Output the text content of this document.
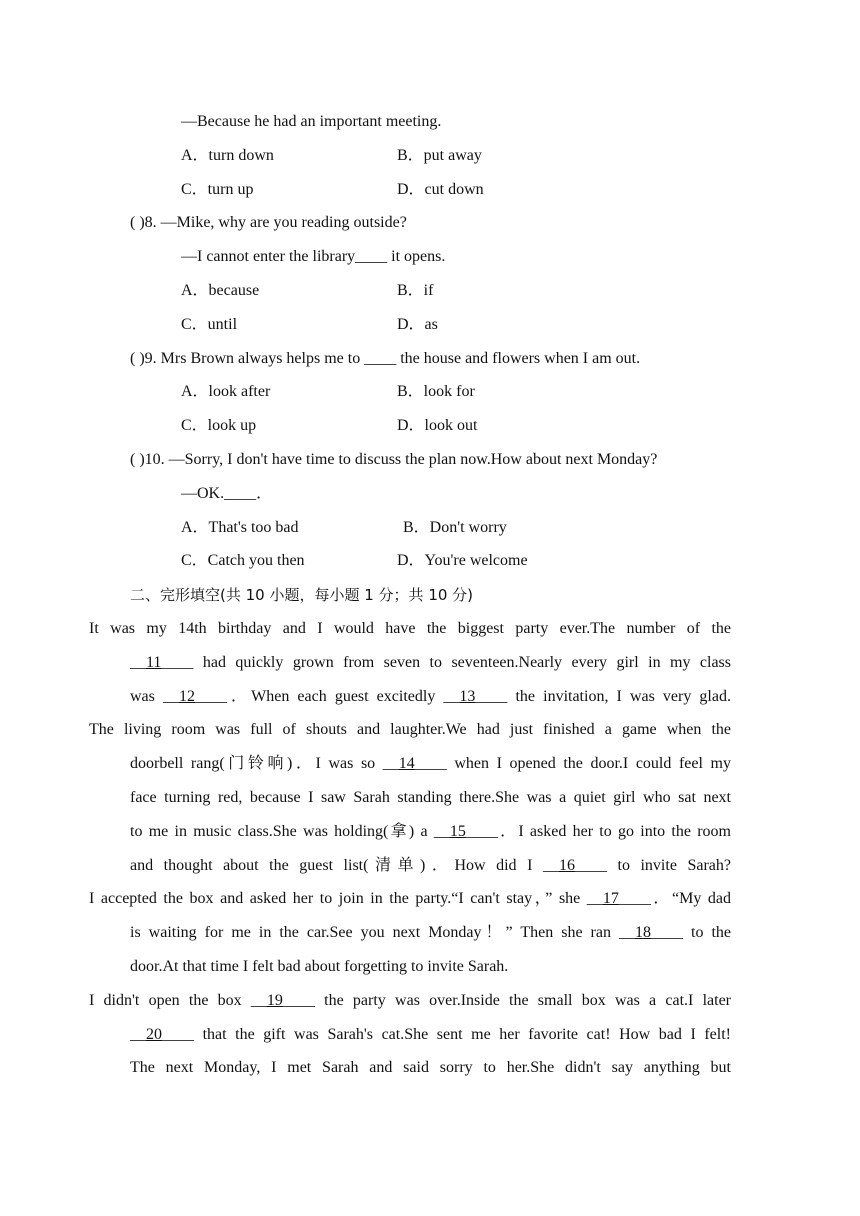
—Because he had an important meeting.
A．turn down	B．put away
C．turn up	D．cut down
( )8. —Mike, why are you reading outside?
—I cannot enter the library____ it opens.
A．because	B．if
C．until	D．as
( )9. Mrs Brown always helps me to ____ the house and flowers when I am out.
A．look after	B．look for
C．look up	D．look out
( )10. —Sorry, I don't have time to discuss the plan now.How about next Monday?
—OK.____．
A．That's too bad	B．Don't worry
C．Catch you then	D．You're welcome
二、完形填空(共 10 小题，每小题 1 分；共 10 分)
It was my 14th birthday and I would have the biggest party ever.The number of the
__11____ had quickly grown from seven to seventeen.Nearly every girl in my class
was __12____．When each guest excitedly __13____ the invitation, I was very glad.
The living room was full of shouts and laughter.We had just finished a game when the
doorbell rang(门铃响)．I was so __14____ when I opened the door.I could feel my
face turning red, because I saw Sarah standing there.She was a quiet girl who sat next
to me in music class.She was holding(拿) a __15____．I asked her to go into the room
and thought about the guest list(清单)．How did I __16____ to invite Sarah?
I accepted the box and asked her to join in the party.“I can't stay，” she __17____．“My dad
is waiting for me in the car.See you next Monday！” Then she ran __18____ to the
door.At that time I felt bad about forgetting to invite Sarah.
I didn't open the box __19____ the party was over.Inside the small box was a cat.I later
__20____ that the gift was Sarah's cat.She sent me her favorite cat! How bad I felt!
The next Monday, I met Sarah and said sorry to her.She didn't say anything but
